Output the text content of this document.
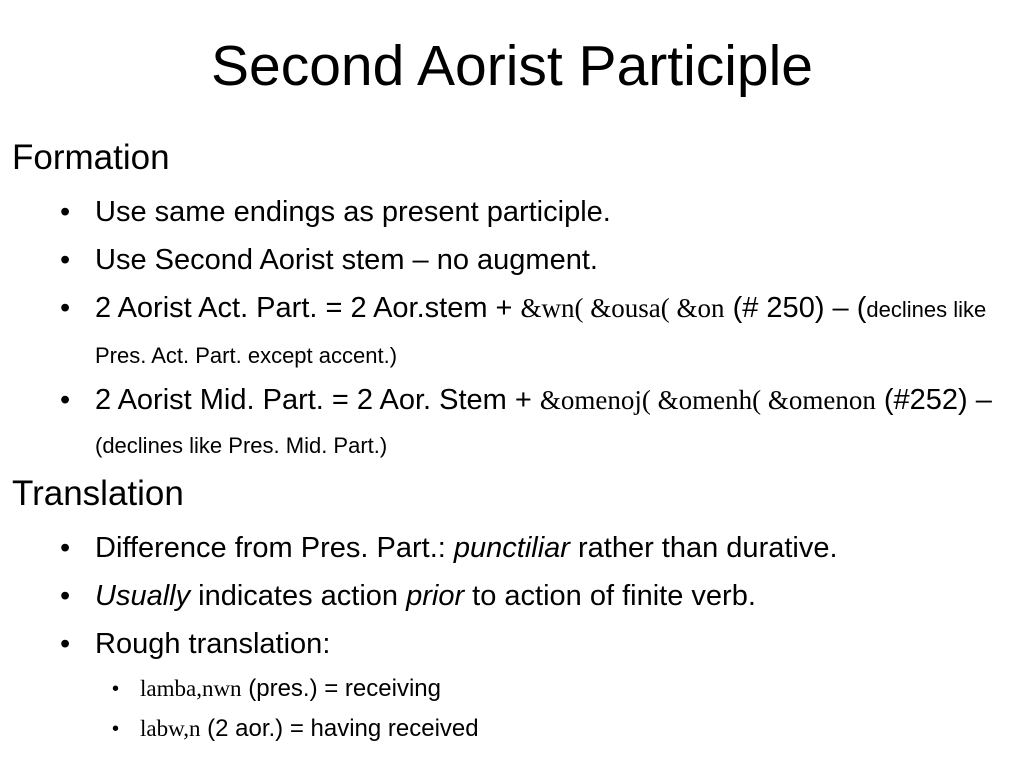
Second Aorist Participle
Formation
• Use same endings as present participle.
• Use Second Aorist stem – no augment.
• 2 Aorist Act. Part. = 2 Aor.stem + &wn( &ousa( &on (# 250) – (declines like Pres. Act. Part. except accent.)
• 2 Aorist Mid. Part. = 2 Aor. Stem + &omenoj( &omenh( &omenon (#252) – (declines like Pres. Mid. Part.)
Translation
• Difference from Pres. Part.: punctiliar rather than durative.
• Usually indicates action prior to action of finite verb.
• Rough translation:
• lamba,nwn (pres.) = receiving
• labw,n (2 aor.) = having received
